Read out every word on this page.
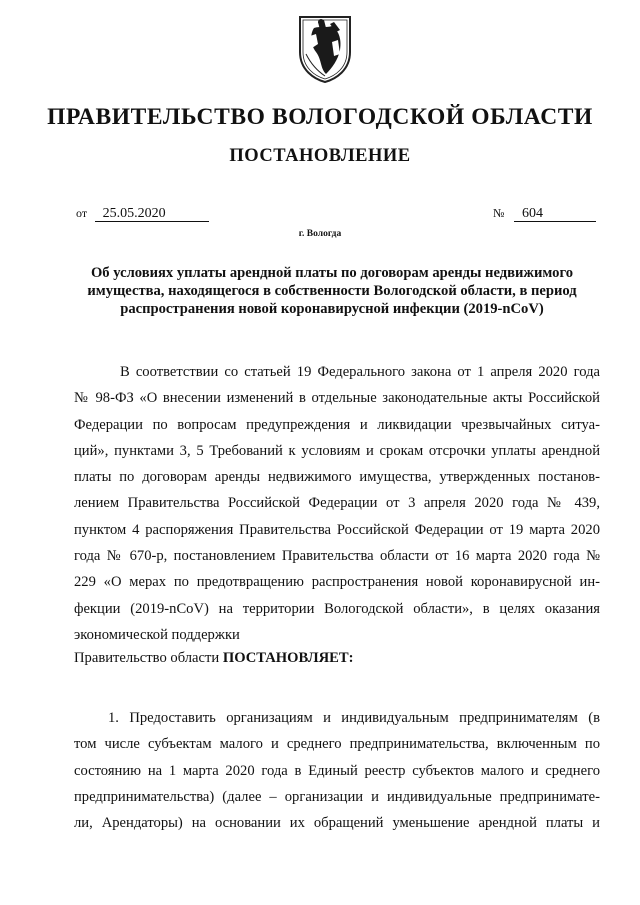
ПРАВИТЕЛЬСТВО ВОЛОГОДСКОЙ ОБЛАСТИ
ПОСТАНОВЛЕНИЕ
от 25.05.2020	№ 604
г. Вологда
Об условиях уплаты арендной платы по договорам аренды недвижимого
имущества, находящегося в собственности Вологодской области, в период
распространения новой коронавирусной инфекции (2019-nCoV)
В соответствии со статьей 19 Федерального закона от 1 апреля 2020 года
№ 98-ФЗ «О внесении изменений в отдельные законодательные акты Российской
Федерации по вопросам предупреждения и ликвидации чрезвычайных ситуа-
ций», пунктами 3, 5 Требований к условиям и срокам отсрочки уплаты арендной
платы по договорам аренды недвижимого имущества, утвержденных постанов-
лением Правительства Российской Федерации от 3 апреля 2020 года № 439,
пунктом 4 распоряжения Правительства Российской Федерации от 19 марта 2020
года № 670-р, постановлением Правительства области от 16 марта 2020 года №
229 «О мерах по предотвращению распространения новой коронавирусной ин-
фекции (2019-nCoV) на территории Вологодской области», в целях оказания
экономической поддержки
Правительство области ПОСТАНОВЛЯЕТ:
1. Предоставить организациям и индивидуальным предпринимателям (в
том числе субъектам малого и среднего предпринимательства, включенным по
состоянию на 1 марта 2020 года в Единый реестр субъектов малого и среднего
предпринимательства) (далее – организации и индивидуальные предпринимате-
ли, Арендаторы) на основании их обращений уменьшение арендной платы и
